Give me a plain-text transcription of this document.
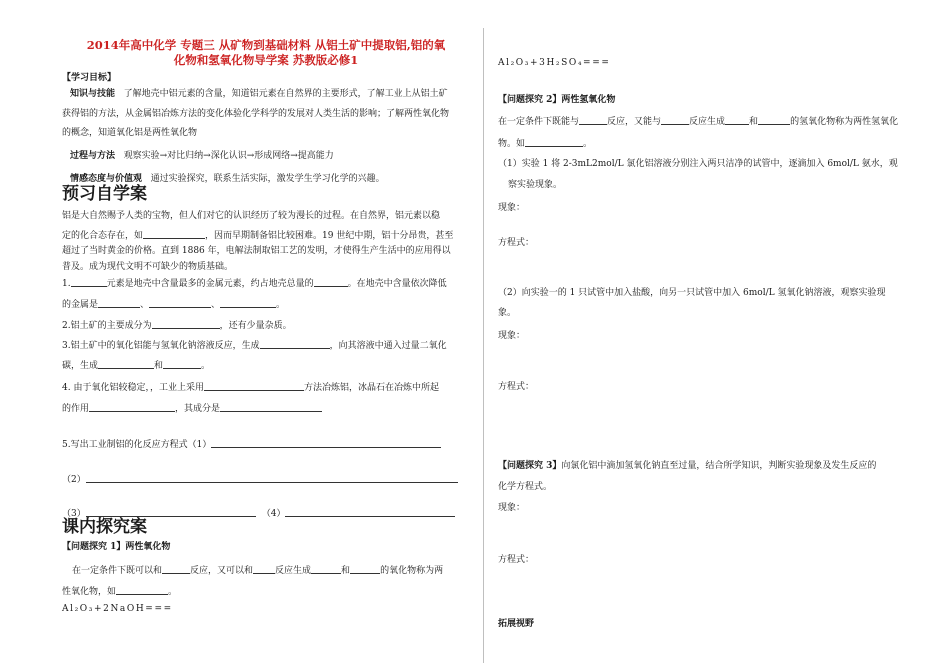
2014年高中化学 专题三 从矿物到基础材料 从铝土矿中提取铝,铝的氧
化物和氢氧化物导学案 苏教版必修1
【学习目标】
知识与技能 了解地壳中铝元素的含量，知道铝元素在自然界的主要形式，了解工业上从铝土矿
获得铝的方法，从金属铝冶炼方法的变化体验化学科学的发展对人类生活的影响；了解两性氧化物
的概念，知道氧化铝是两性氧化物
过程与方法 观察实验→对比归纳→深化认识→形成网络→提高能力
情感态度与价值观 通过实验探究，联系生活实际，激发学生学习化学的兴趣。
预习自学案
铝是大自然赐予人类的宝物，但人们对它的认识经历了较为漫长的过程。在自然界，铝元素以稳
定的化合态存在，如	，因而早期制备铝比较困难。19 世纪中期，铝十分昂贵，甚至
超过了当时黄金的价格。直到 1886 年，电解法制取铝工艺的发明，才使得生产生活中的应用得以
普及。成为现代文明不可缺少的物质基础。
1.	元素是地壳中含量最多的金属元素，约占地壳总量的	。在地壳中含量依次降低
的金属是	、	、	。
2.铝土矿的主要成分为	，还有少量杂质。
3.铝土矿中的氧化铝能与氢氧化钠溶液反应，生成	，向其溶液中通入过量二氧化
碳，生成	和	。
4. 由于氧化铝较稳定，，工业上采用	方法冶炼铝，冰晶石在冶炼中所起
的作用	，其成分是
5.写出工业制铝的化反应方程式（1）
（2）
（3）	（4）
课内探究案
【问题探究 1】两性氧化物
在一定条件下既可以和	反应，又可以和 反应生成	和	的氧化物称为两
性氧化物，如	。
Al₂O₃+2NaOH===
Al₂O₃+3H₂SO₄===
【问题探究 2】两性氢氧化物
在一定条件下既能与	反应，又能与	反应生成	和	的氢氧化物称为两性氢氧化
物。如	。
（1）实验 1 将 2-3mL2mol/L 氯化铝溶液分别注入两只洁净的试管中，逐滴加入 6mol/L 氨水，观
察实验现象。
现象：
方程式：
（2）向实验一的 1 只试管中加入盐酸，向另一只试管中加入 6mol/L 氢氧化钠溶液，观察实验现
象。
现象：
方程式：
【问题探究 3】向氯化铝中滴加氢氧化钠直至过量，结合所学知识，判断实验现象及发生反应的
化学方程式。
现象：
方程式：
拓展视野
